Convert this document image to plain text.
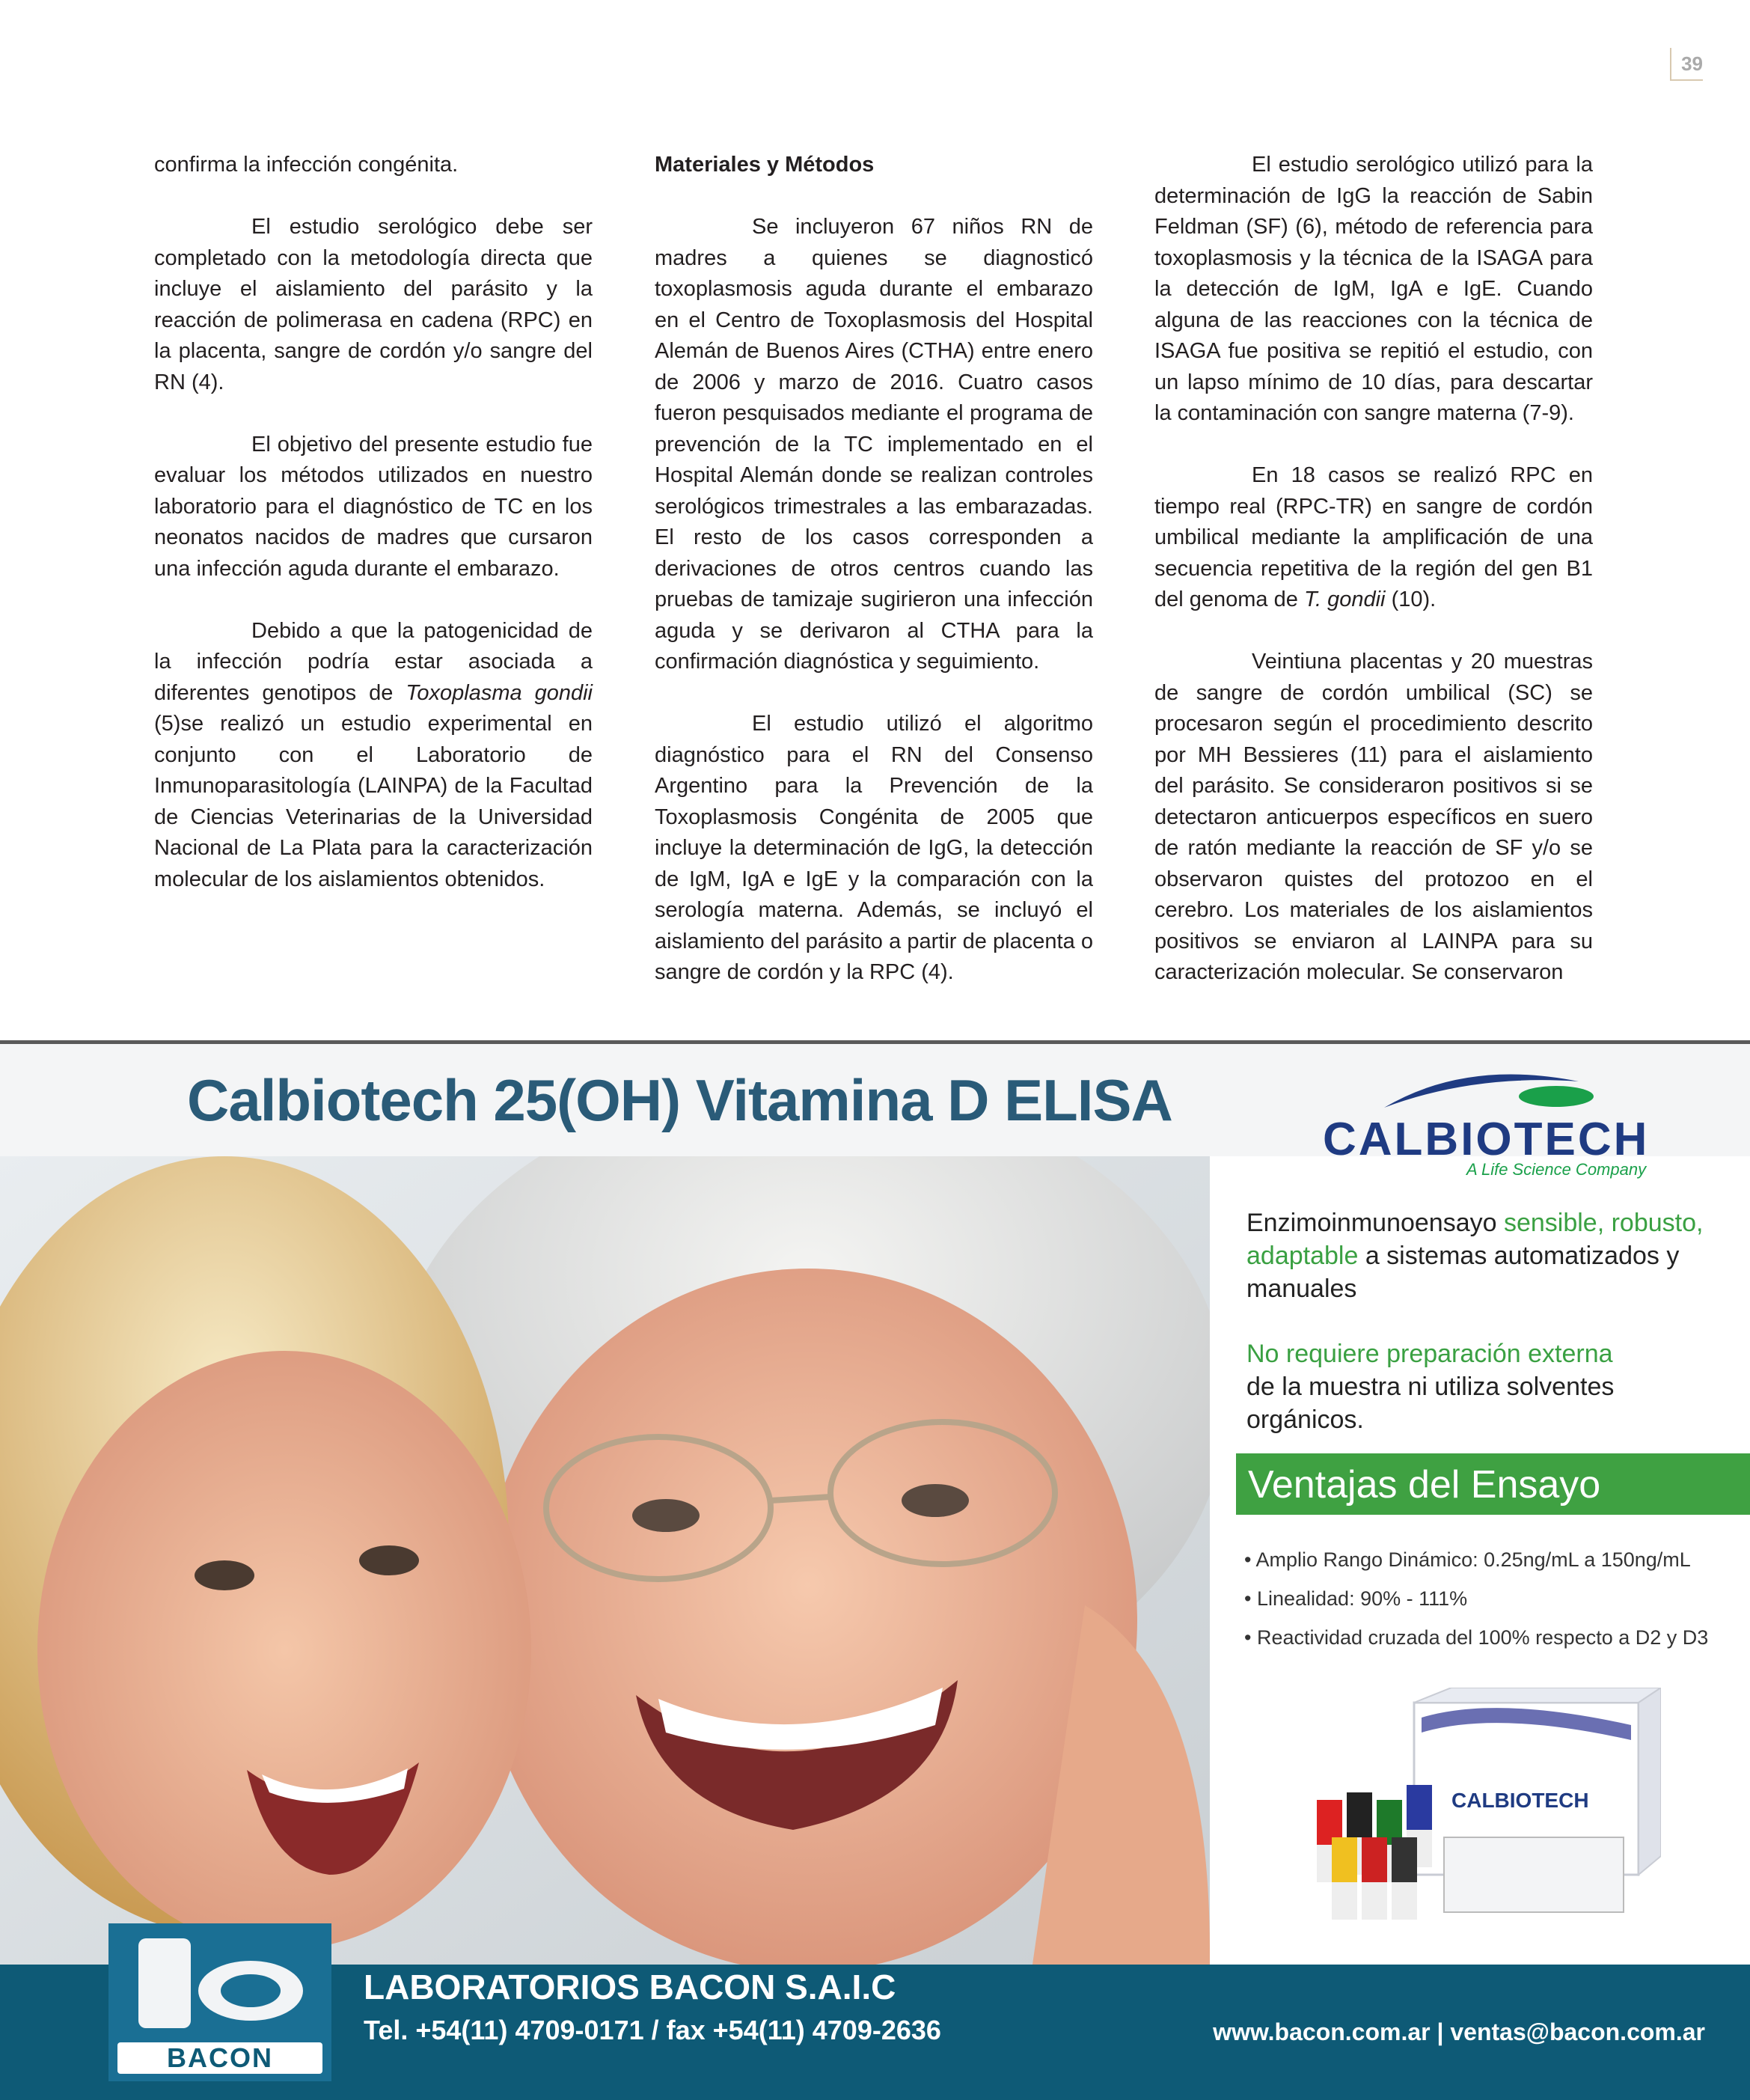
39

confirma la infección congénita.

El estudio serológico debe ser completado con la metodología directa que incluye el aislamiento del parásito y la reacción de polimerasa en cadena (RPC) en la placenta, sangre de cordón y/o sangre del RN (4).

El objetivo del presente estudio fue evaluar los métodos utilizados en nuestro laboratorio para el diagnóstico de TC en los neonatos nacidos de madres que cursaron una infección aguda durante el embarazo.

Debido a que la patogenicidad de la infección podría estar asociada a diferentes genotipos de Toxoplasma gondii (5)se realizó un estudio experimental en conjunto con el Laboratorio de Inmunoparasitología (LAINPA) de la Facultad de Ciencias Veterinarias de la Universidad Nacional de La Plata para la caracterización molecular de los aislamientos obtenidos.

Materiales y Métodos

Se incluyeron 67 niños RN de madres a quienes se diagnosticó toxoplasmosis aguda durante el embarazo en el Centro de Toxoplasmosis del Hospital Alemán de Buenos Aires (CTHA) entre enero de 2006 y marzo de 2016. Cuatro casos fueron pesquisados mediante el programa de prevención de la TC implementado en el Hospital Alemán donde se realizan controles serológicos trimestrales a las embarazadas. El resto de los casos corresponden a derivaciones de otros centros cuando las pruebas de tamizaje sugirieron una infección aguda y se derivaron al CTHA para la confirmación diagnóstica y seguimiento.

El estudio utilizó el algoritmo diagnóstico para el RN del Consenso Argentino para la Prevención de la Toxoplasmosis Congénita de 2005 que incluye la determinación de IgG, la detección de IgM, IgA e IgE y la comparación con la serología materna. Además, se incluyó el aislamiento del parásito a partir de placenta o sangre de cordón y la RPC (4).

El estudio serológico utilizó para la determinación de IgG la reacción de Sabin Feldman (SF) (6), método de referencia para toxoplasmosis y la técnica de la ISAGA para la detección de IgM, IgA e IgE. Cuando alguna de las reacciones con la técnica de ISAGA fue positiva se repitió el estudio, con un lapso mínimo de 10 días, para descartar la contaminación con sangre materna (7-9).

En 18 casos se realizó RPC en tiempo real (RPC-TR) en sangre de cordón umbilical mediante la amplificación de una secuencia repetitiva de la región del gen B1 del genoma de T. gondii (10).

Veintiuna placentas y 20 muestras de sangre de cordón umbilical (SC) se procesaron según el procedimiento descrito por MH Bessieres (11) para el aislamiento del parásito. Se consideraron positivos si se detectaron anticuerpos específicos en suero de ratón mediante la reacción de SF y/o se observaron quistes del protozoo en el cerebro. Los materiales de los aislamientos positivos se enviaron al LAINPA para su caracterización molecular. Se conservaron

Calbiotech 25(OH) Vitamina D ELISA
CALBIOTECH
A Life Science Company
Enzimoinmunoensayo sensible, robusto, adaptable a sistemas automatizados y manuales
No requiere preparación externa
de la muestra ni utiliza solventes orgánicos.
Ventajas del Ensayo
• Amplio Rango Dinámico: 0.25ng/mL a 150ng/mL
• Linealidad: 90% - 111%
• Reactividad cruzada del 100% respecto a D2 y D3
CALBIOTECH
BACON
LABORATORIOS BACON S.A.I.C
Tel. +54(11) 4709-0171 / fax +54(11) 4709-2636	www.bacon.com.ar | ventas@bacon.com.ar
